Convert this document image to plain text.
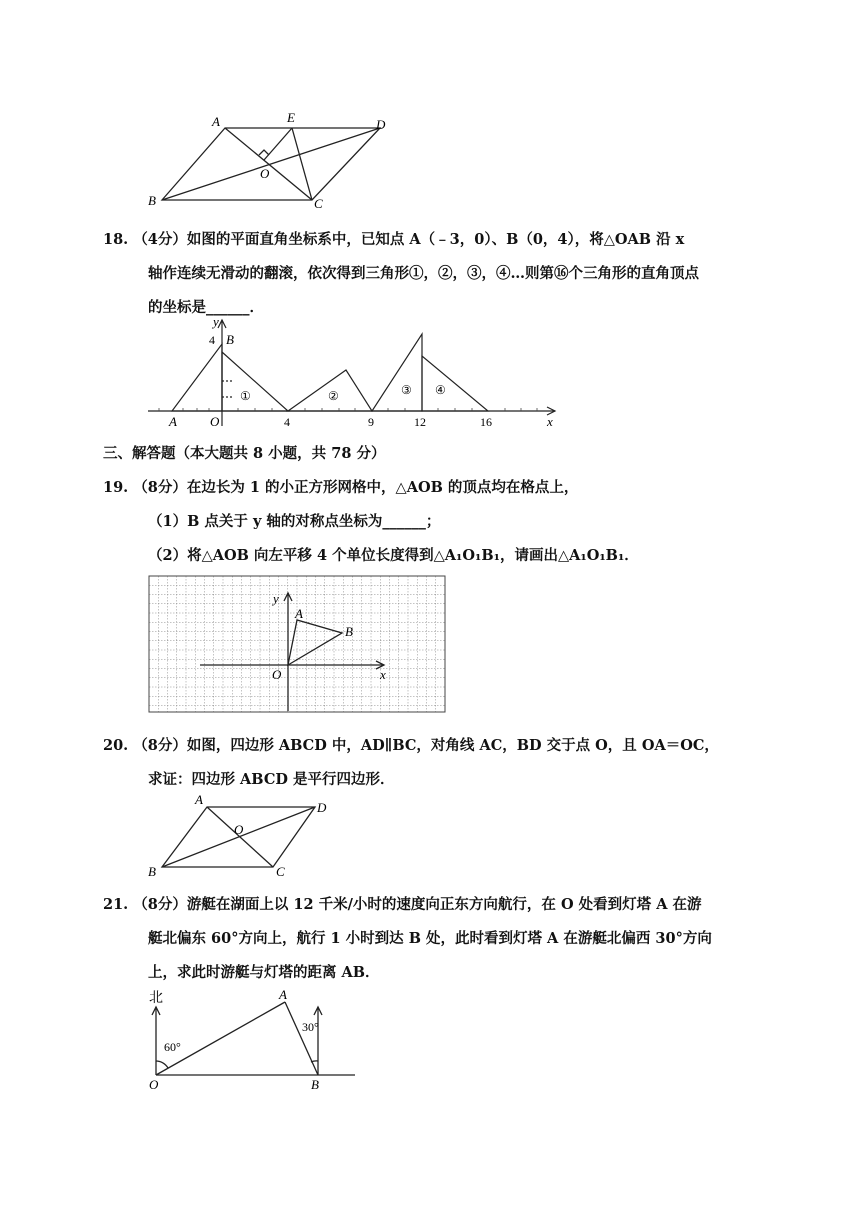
A	E	D
O
B	C
18. （4分）如图的平面直角坐标系中，已知点 A（﹣3，0）、B（0，4），将△OAB 沿 x
轴作连续无滑动的翻滚，依次得到三角形①，②，③，④…则第⑯个三角形的直角顶点
的坐标是______．
y
x
4 B
A	O	4	9	12	16
①	②	③ ④
三、解答题（本大题共 8 小题，共 78 分）
19. （8分）在边长为 1 的小正方形网格中，△AOB 的顶点均在格点上，
（1）B 点关于 y 轴的对称点坐标为______；
（2）将△AOB 向左平移 4 个单位长度得到△A₁O₁B₁，请画出△A₁O₁B₁．
y
A
B
O	x
20. （8分）如图，四边形 ABCD 中，AD∥BC，对角线 AC，BD 交于点 O，且 OA＝OC，
求证：四边形 ABCD 是平行四边形．
A
D
O
B	C
21. （8分）游艇在湖面上以 12 千米/小时的速度向正东方向航行，在 O 处看到灯塔 A 在游
艇北偏东 60°方向上，航行 1 小时到达 B 处，此时看到灯塔 A 在游艇北偏西 30°方向
上，求此时游艇与灯塔的距离 AB．
北	A
60°
30°
O	B
